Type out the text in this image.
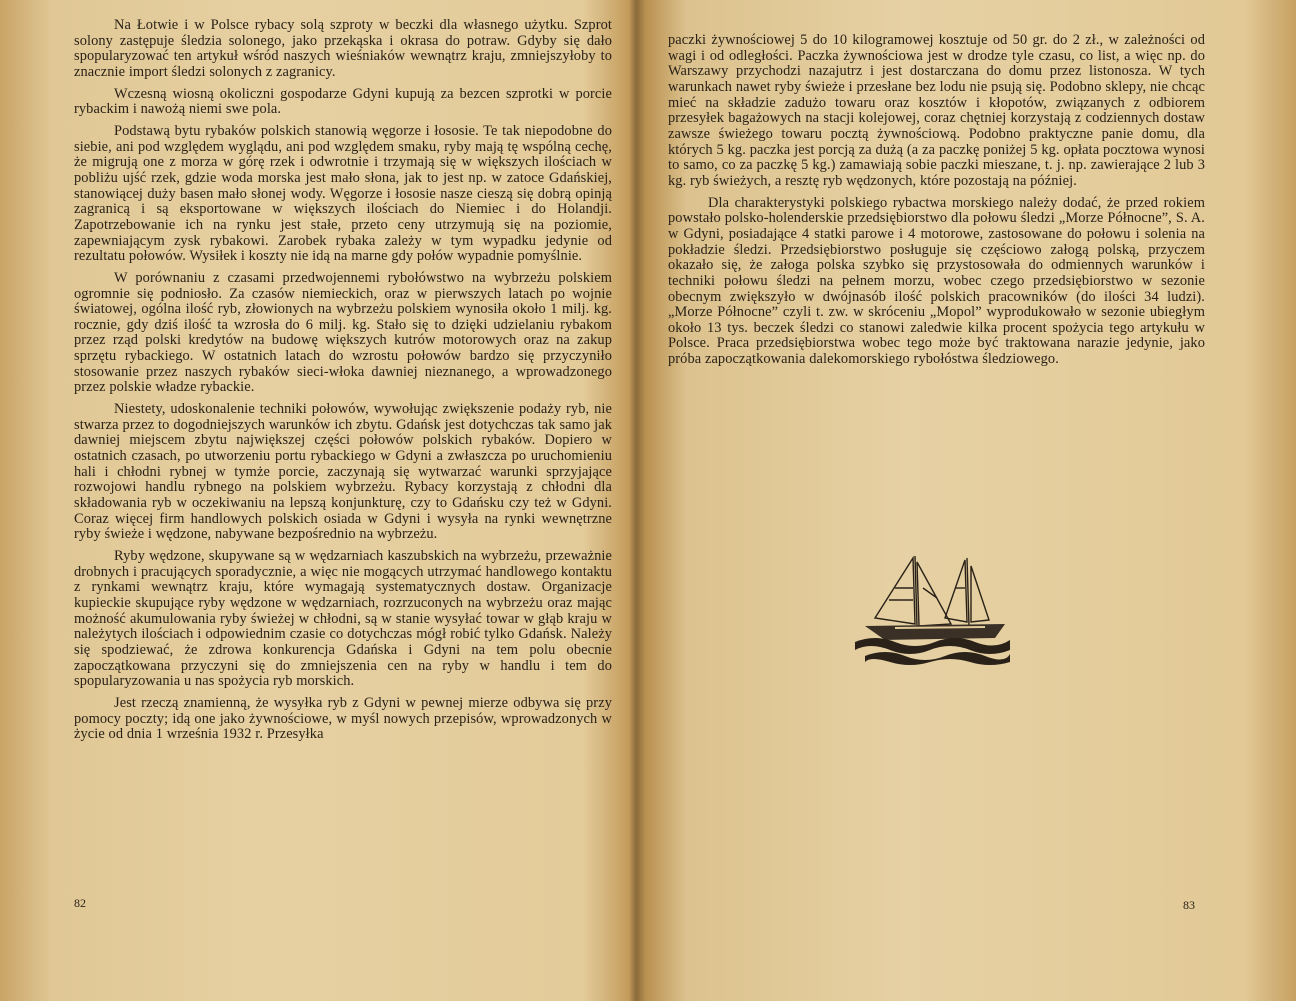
Na Łotwie i w Polsce rybacy solą szproty w beczki dla własnego użytku. Szprot solony zastępuje śledzia solonego, jako przekąska i okrasa do potraw. Gdyby się dało spopularyzować ten artykuł wśród naszych wieśniaków wewnątrz kraju, zmniejszyłoby to znacznie import śledzi solonych z zagranicy.

Wczesną wiosną okoliczni gospodarze Gdyni kupują za bezcen szprotki w porcie rybackim i nawożą niemi swe pola.

Podstawą bytu rybaków polskich stanowią węgorze i łososie. Te tak niepodobne do siebie, ani pod względem wyglądu, ani pod względem smaku, ryby mają tę wspólną cechę, że migrują one z morza w górę rzek i odwrotnie i trzymają się w większych ilościach w pobliżu ujść rzek, gdzie woda morska jest mało słona, jak to jest np. w zatoce Gdańskiej, stanowiącej duży basen mało słonej wody. Węgorze i łososie nasze cieszą się dobrą opinją zagranicą i są eksportowane w większych ilościach do Niemiec i do Holandji. Zapotrzebowanie ich na rynku jest stałe, przeto ceny utrzymują się na poziomie, zapewniającym zysk rybakowi. Zarobek rybaka zależy w tym wypadku jedynie od rezultatu połowów. Wysiłek i koszty nie idą na marne gdy połów wypadnie pomyślnie.

W porównaniu z czasami przedwojennemi rybołówstwo na wybrzeżu polskiem ogromnie się podniosło. Za czasów niemieckich, oraz w pierwszych latach po wojnie światowej, ogólna ilość ryb, złowionych na wybrzeżu polskiem wynosiła około 1 milj. kg. rocznie, gdy dziś ilość ta wzrosła do 6 milj. kg. Stało się to dzięki udzielaniu rybakom przez rząd polski kredytów na budowę większych kutrów motorowych oraz na zakup sprzętu rybackiego. W ostatnich latach do wzrostu połowów bardzo się przyczyniło stosowanie przez naszych rybaków sieci-włoka dawniej nieznanego, a wprowadzonego przez polskie władze rybackie.

Niestety, udoskonalenie techniki połowów, wywołując zwiększenie podaży ryb, nie stwarza przez to dogodniejszych warunków ich zbytu. Gdańsk jest dotychczas tak samo jak dawniej miejscem zbytu największej części połowów polskich rybaków. Dopiero w ostatnich czasach, po utworzeniu portu rybackiego w Gdyni a zwłaszcza po uruchomieniu hali i chłodni rybnej w tymże porcie, zaczynają się wytwarzać warunki sprzyjające rozwojowi handlu rybnego na polskiem wybrzeżu. Rybacy korzystają z chłodni dla składowania ryb w oczekiwaniu na lepszą konjunkturę, czy to Gdańsku czy też w Gdyni. Coraz więcej firm handlowych polskich osiada w Gdyni i wysyła na rynki wewnętrzne ryby świeże i wędzone, nabywane bezpośrednio na wybrzeżu.

Ryby wędzone, skupywane są w wędzarniach kaszubskich na wybrzeżu, przeważnie drobnych i pracujących sporadycznie, a więc nie mogących utrzymać handlowego kontaktu z rynkami wewnątrz kraju, które wymagają systematycznych dostaw. Organizacje kupieckie skupujące ryby wędzone w wędzarniach, rozrzuconych na wybrzeżu oraz mając możność akumulowania ryby świeżej w chłodni, są w stanie wysyłać towar w głąb kraju w należytych ilościach i odpowiednim czasie co dotychczas mógł robić tylko Gdańsk. Należy się spodziewać, że zdrowa konkurencja Gdańska i Gdyni na tem polu obecnie zapoczątkowana przyczyni się do zmniejszenia cen na ryby w handlu i tem do spopularyzowania u nas spożycia ryb morskich.

Jest rzeczą znamienną, że wysyłka ryb z Gdyni w pewnej mierze odbywa się przy pomocy poczty; idą one jako żywnościowe, w myśl nowych przepisów, wprowadzonych w życie od dnia 1 września 1932 r. Przesyłka

82

paczki żywnościowej 5 do 10 kilogramowej kosztuje od 50 gr. do 2 zł., w zależności od wagi i od odległości. Paczka żywnościowa jest w drodze tyle czasu, co list, a więc np. do Warszawy przychodzi nazajutrz i jest dostarczana do domu przez listonosza. W tych warunkach nawet ryby świeże i przesłane bez lodu nie psują się. Podobno sklepy, nie chcąc mieć na składzie zadużo towaru oraz kosztów i kłopotów, związanych z odbiorem przesyłek bagażowych na stacji kolejowej, coraz chętniej korzystają z codziennych dostaw zawsze świeżego towaru pocztą żywnościową. Podobno praktyczne panie domu, dla których 5 kg. paczka jest porcją za dużą (a za paczkę poniżej 5 kg. opłata pocztowa wynosi to samo, co za paczkę 5 kg.) zamawiają sobie paczki mieszane, t. j. np. zawierające 2 lub 3 kg. ryb świeżych, a resztę ryb wędzonych, które pozostają na później.

Dla charakterystyki polskiego rybactwa morskiego należy dodać, że przed rokiem powstało polsko-holenderskie przedsiębiorstwo dla połowu śledzi „Morze Północne”, S. A. w Gdyni, posiadające 4 statki parowe i 4 motorowe, zastosowane do połowu i solenia na pokładzie śledzi. Przedsiębiorstwo posługuje się częściowo załogą polską, przyczem okazało się, że załoga polska szybko się przystosowała do odmiennych warunków i techniki połowu śledzi na pełnem morzu, wobec czego przedsiębiorstwo w sezonie obecnym zwiększyło w dwójnasób ilość polskich pracowników (do ilości 34 ludzi). „Morze Północne” czyli t. zw. w skróceniu „Mopol” wyprodukowało w sezonie ubiegłym około 13 tys. beczek śledzi co stanowi zaledwie kilka procent spożycia tego artykułu w Polsce. Praca przedsiębiorstwa wobec tego może być traktowana narazie jedynie, jako próba zapoczątkowania dalekomorskiego rybołóstwa śledziowego.

83
